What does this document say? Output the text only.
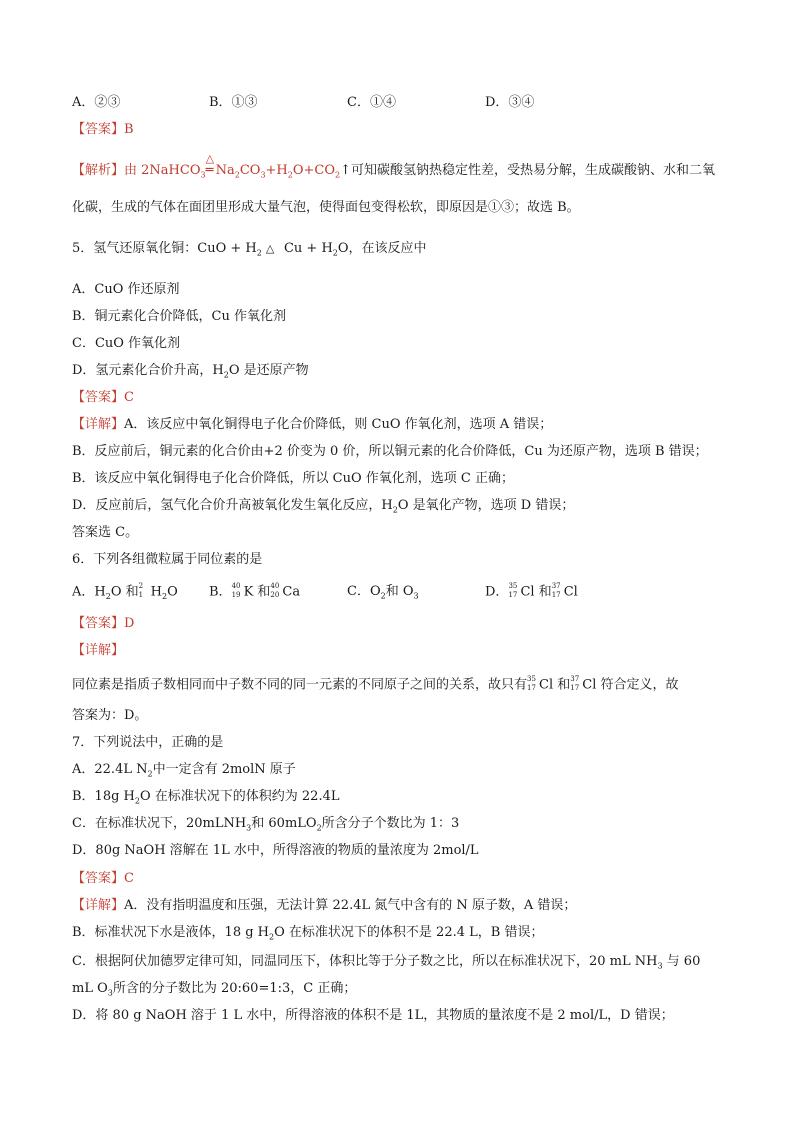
A．②③	B．①③	C．①④	D．③④
【答案】B
【解析】由 2NaHCO$_3$
△
═ $Na_2CO_3+H_2O+CO_2↑$可知碳酸氢钠热稳定性差，受热易分解，生成碳酸钠、水和二氧
化碳，生成的气体在面团里形成大量气泡，使得面包变得松软，即原因是①③；故选 B。
5．氢气还原氧化铜：CuO + $H_2$ △ $Cu + H_2O$，在该反应中
A．CuO 作还原剂
B．铜元素化合价降低，Cu 作氧化剂
C．CuO 作氧化剂
D．氢元素化合价升高，$H_2O$ 是还原产物
【答案】C
【详解】A．该反应中氧化铜得电子化合价降低，则 CuO 作氧化剂，选项 A 错误；
B．反应前后，铜元素的化合价由+2 价变为 0 价，所以铜元素的化合价降低，Cu 为还原产物，选项 B 错误；
B．该反应中氧化铜得电子化合价降低，所以 CuO 作氧化剂，选项 C 正确；
D．反应前后，氢气化合价升高被氧化发生氧化反应，$H_2O$ 是氧化产物，选项 D 错误；
答案选 C。
6．下列各组微粒属于同位素的是
A．$H_2O$ 和 2
1 $H_2O$ B． 40
19 K 和 40
20 Ca	C．$O_2$和 $O_3$	D． 35
17 Cl 和 37
17 Cl
【答案】D
【详解】
同位素是指质子数相同而中子数不同的同一元素的不同原子之间的关系，故只有 35
17 Cl 和 37
17 Cl 符合定义，故
答案为：D。
7．下列说法中，正确的是
A．22.4L $N_2$中一定含有 2molN 原子
B．18g $H_2O$ 在标准状况下的体积约为 22.4L
C．在标准状况下，20mLNH$_3$和 60mLO$_2$所含分子个数比为 1：3
D．80g NaOH 溶解在 1L 水中，所得溶液的物质的量浓度为 2mol/L
【答案】C
【详解】A．没有指明温度和压强，无法计算 22.4L 氮气中含有的 N 原子数，A 错误；
B．标准状况下水是液体，18 g $H_2O$ 在标准状况下的体积不是 22.4 L，B 错误；
C．根据阿伏加德罗定律可知，同温同压下，体积比等于分子数之比，所以在标准状况下，20 mL $NH_3$ 与 60
mL $O_3$所含的分子数比为 20:60=1:3，C 正确；
D．将 80 g NaOH 溶于 1 L 水中，所得溶液的体积不是 1L，其物质的量浓度不是 2 mol/L，D 错误；
